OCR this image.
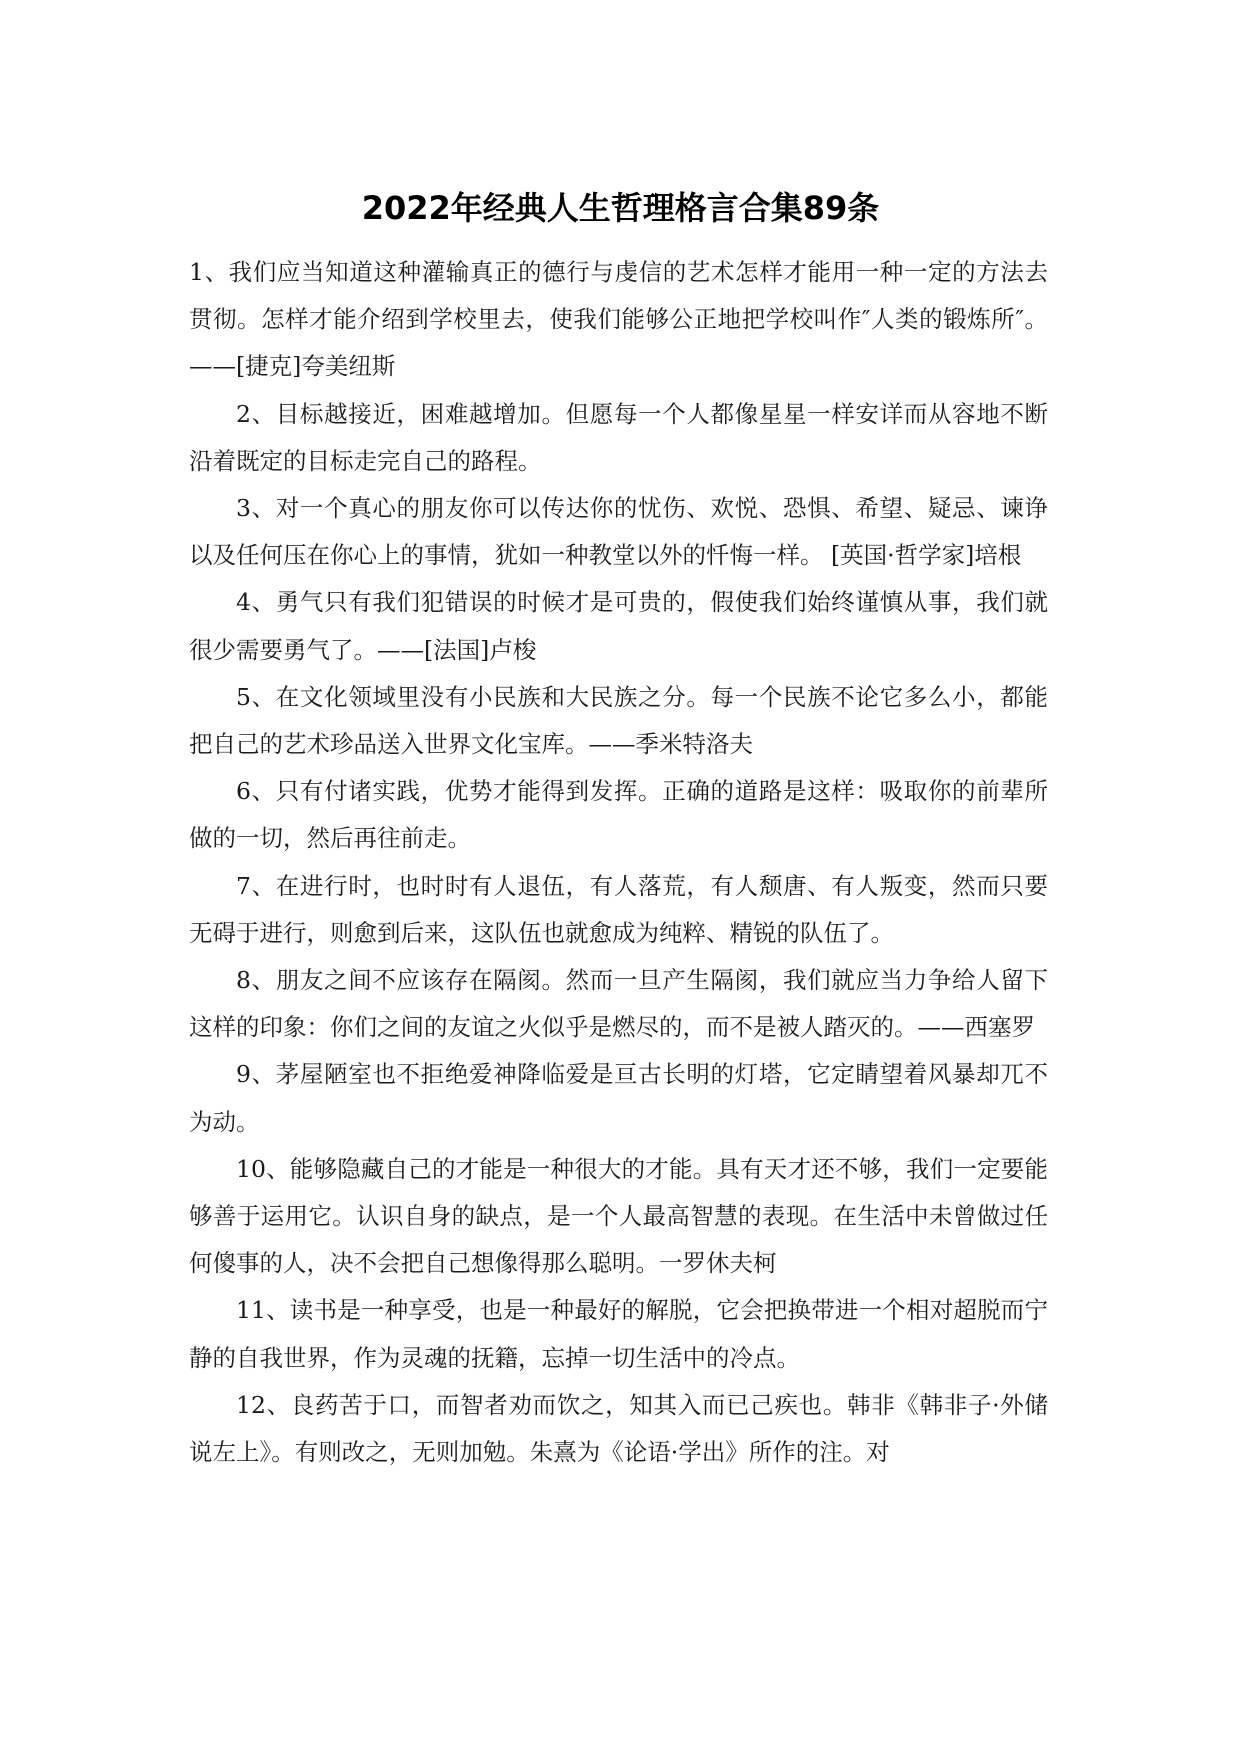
2022年经典人生哲理格言合集89条

1、我们应当知道这种灌输真正的德行与虔信的艺术怎样才能用一种一定的方法去贯彻。怎样才能介绍到学校里去，使我们能够公正地把学校叫作″人类的锻炼所″。——[捷克]夸美纽斯

2、目标越接近，困难越增加。但愿每一个人都像星星一样安详而从容地不断沿着既定的目标走完自己的路程。

3、对一个真心的朋友你可以传达你的忧伤、欢悦、恐惧、希望、疑忌、谏诤以及任何压在你心上的事情，犹如一种教堂以外的忏悔一样。 [英国·哲学家]培根

4、勇气只有我们犯错误的时候才是可贵的，假使我们始终谨慎从事，我们就很少需要勇气了。——[法国]卢梭

5、在文化领域里没有小民族和大民族之分。每一个民族不论它多么小，都能把自己的艺术珍品送入世界文化宝库。——季米特洛夫

6、只有付诸实践，优势才能得到发挥。正确的道路是这样：吸取你的前辈所做的一切，然后再往前走。

7、在进行时，也时时有人退伍，有人落荒，有人颓唐、有人叛变，然而只要无碍于进行，则愈到后来，这队伍也就愈成为纯粹、精锐的队伍了。

8、朋友之间不应该存在隔阂。然而一旦产生隔阂，我们就应当力争给人留下这样的印象：你们之间的友谊之火似乎是燃尽的，而不是被人踏灭的。——西塞罗

9、茅屋陋室也不拒绝爱神降临爱是亘古长明的灯塔，它定睛望着风暴却兀不为动。

10、能够隐藏自己的才能是一种很大的才能。具有天才还不够，我们一定要能够善于运用它。认识自身的缺点，是一个人最高智慧的表现。在生活中未曾做过任何傻事的人，决不会把自己想像得那么聪明。一罗休夫柯

11、读书是一种享受，也是一种最好的解脱，它会把换带进一个相对超脱而宁静的自我世界，作为灵魂的抚籍，忘掉一切生活中的冷点。

12、良药苦于口，而智者劝而饮之，知其入而已己疾也。韩非《韩非子·外储说左上》。有则改之，无则加勉。朱熹为《论语·学出》所作的注。对
